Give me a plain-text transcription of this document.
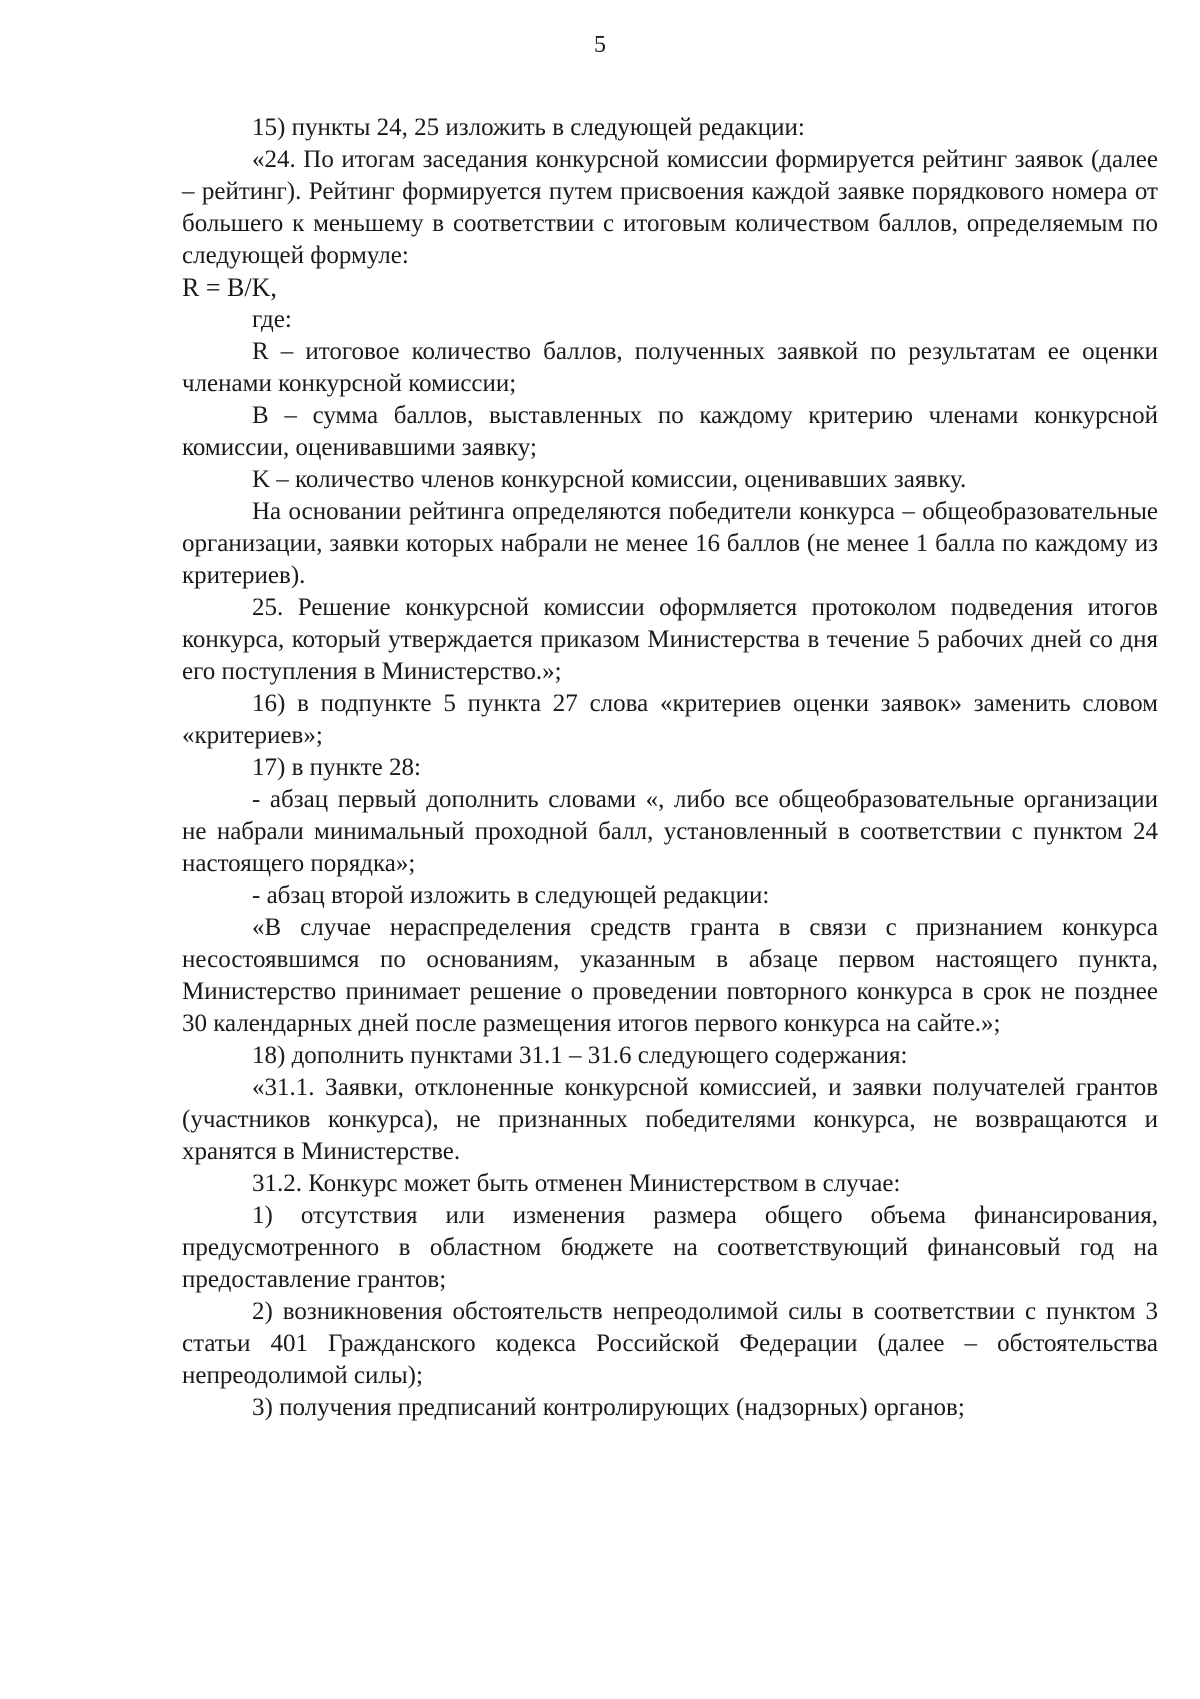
5

15) пункты 24, 25 изложить в следующей редакции:

«24. По итогам заседания конкурсной комиссии формируется рейтинг заявок (далее – рейтинг). Рейтинг формируется путем присвоения каждой заявке порядкового номера от большего к меньшему в соответствии с итоговым количеством баллов, определяемым по следующей формуле:

R = B/K,

где:

R – итоговое количество баллов, полученных заявкой по результатам ее оценки членами конкурсной комиссии;

B – сумма баллов, выставленных по каждому критерию членами конкурсной комиссии, оценивавшими заявку;

K – количество членов конкурсной комиссии, оценивавших заявку.

На основании рейтинга определяются победители конкурса – общеобразовательные организации, заявки которых набрали не менее 16 баллов (не менее 1 балла по каждому из критериев).

25. Решение конкурсной комиссии оформляется протоколом подведения итогов конкурса, который утверждается приказом Министерства в течение 5 рабочих дней со дня его поступления в Министерство.»;

16) в подпункте 5 пункта 27 слова «критериев оценки заявок» заменить словом «критериев»;

17) в пункте 28:

- абзац первый дополнить словами «, либо все общеобразовательные организации не набрали минимальный проходной балл, установленный в соответствии с пунктом 24 настоящего порядка»;

- абзац второй изложить в следующей редакции:

«В случае нераспределения средств гранта в связи с признанием конкурса несостоявшимся по основаниям, указанным в абзаце первом настоящего пункта, Министерство принимает решение о проведении повторного конкурса в срок не позднее 30 календарных дней после размещения итогов первого конкурса на сайте.»;

18) дополнить пунктами 31.1 – 31.6 следующего содержания:

«31.1. Заявки, отклоненные конкурсной комиссией, и заявки получателей грантов (участников конкурса), не признанных победителями конкурса, не возвращаются и хранятся в Министерстве.

31.2. Конкурс может быть отменен Министерством в случае:

1) отсутствия или изменения размера общего объема финансирования, предусмотренного в областном бюджете на соответствующий финансовый год на предоставление грантов;

2) возникновения обстоятельств непреодолимой силы в соответствии с пунктом 3 статьи 401 Гражданского кодекса Российской Федерации (далее – обстоятельства непреодолимой силы);

3) получения предписаний контролирующих (надзорных) органов;
